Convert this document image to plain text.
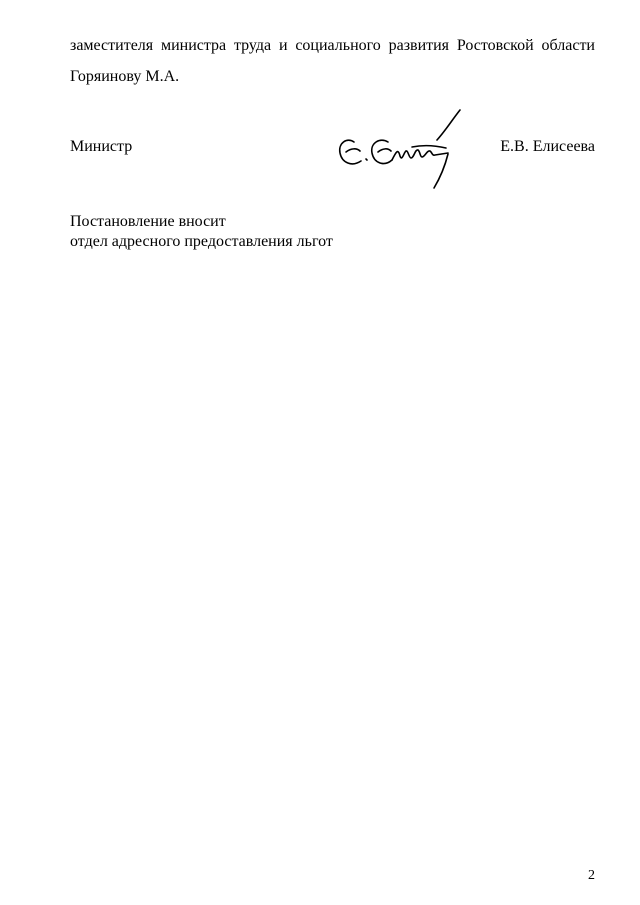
заместителя министра труда и социального развития Ростовской области
Горяинову М.А.
Министр	Е.В. Елисеева
Постановление вносит
отдел адресного предоставления льгот
2
